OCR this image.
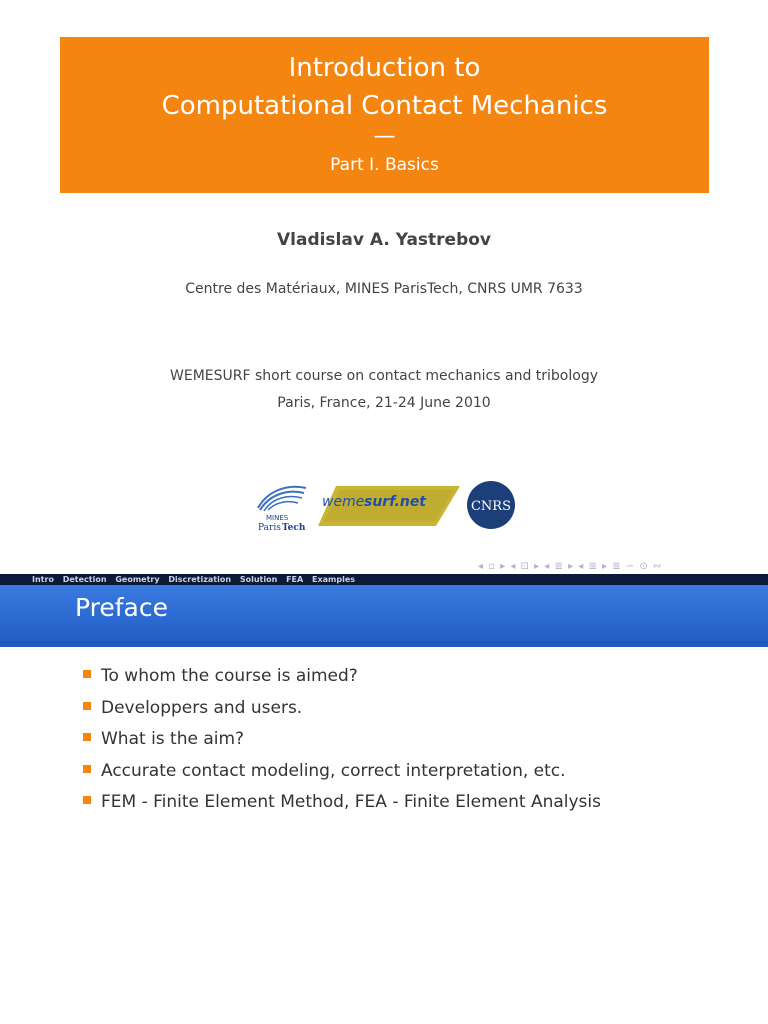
Introduction to
Computational Contact Mechanics
—
Part I. Basics
Vladislav A. Yastrebov
Centre des Matériaux, MINES ParisTech, CNRS UMR 7633
WEMESURF short course on contact mechanics and tribology
Paris, France, 21-24 June 2010
MINES
Paris Tech
weme surf.net	CNRS
◂ ▫ ▸ ◂ ⊡ ▸ ◂ ≣ ▸ ◂ ≣ ▸ ≣ ∽ ⊙ ∾
Intro Detection Geometry Discretization Solution FEA Examples
Preface
To whom the course is aimed?
Developpers and users.
What is the aim?
Accurate contact modeling, correct interpretation, etc.
FEM - Finite Element Method, FEA - Finite Element Analysis
